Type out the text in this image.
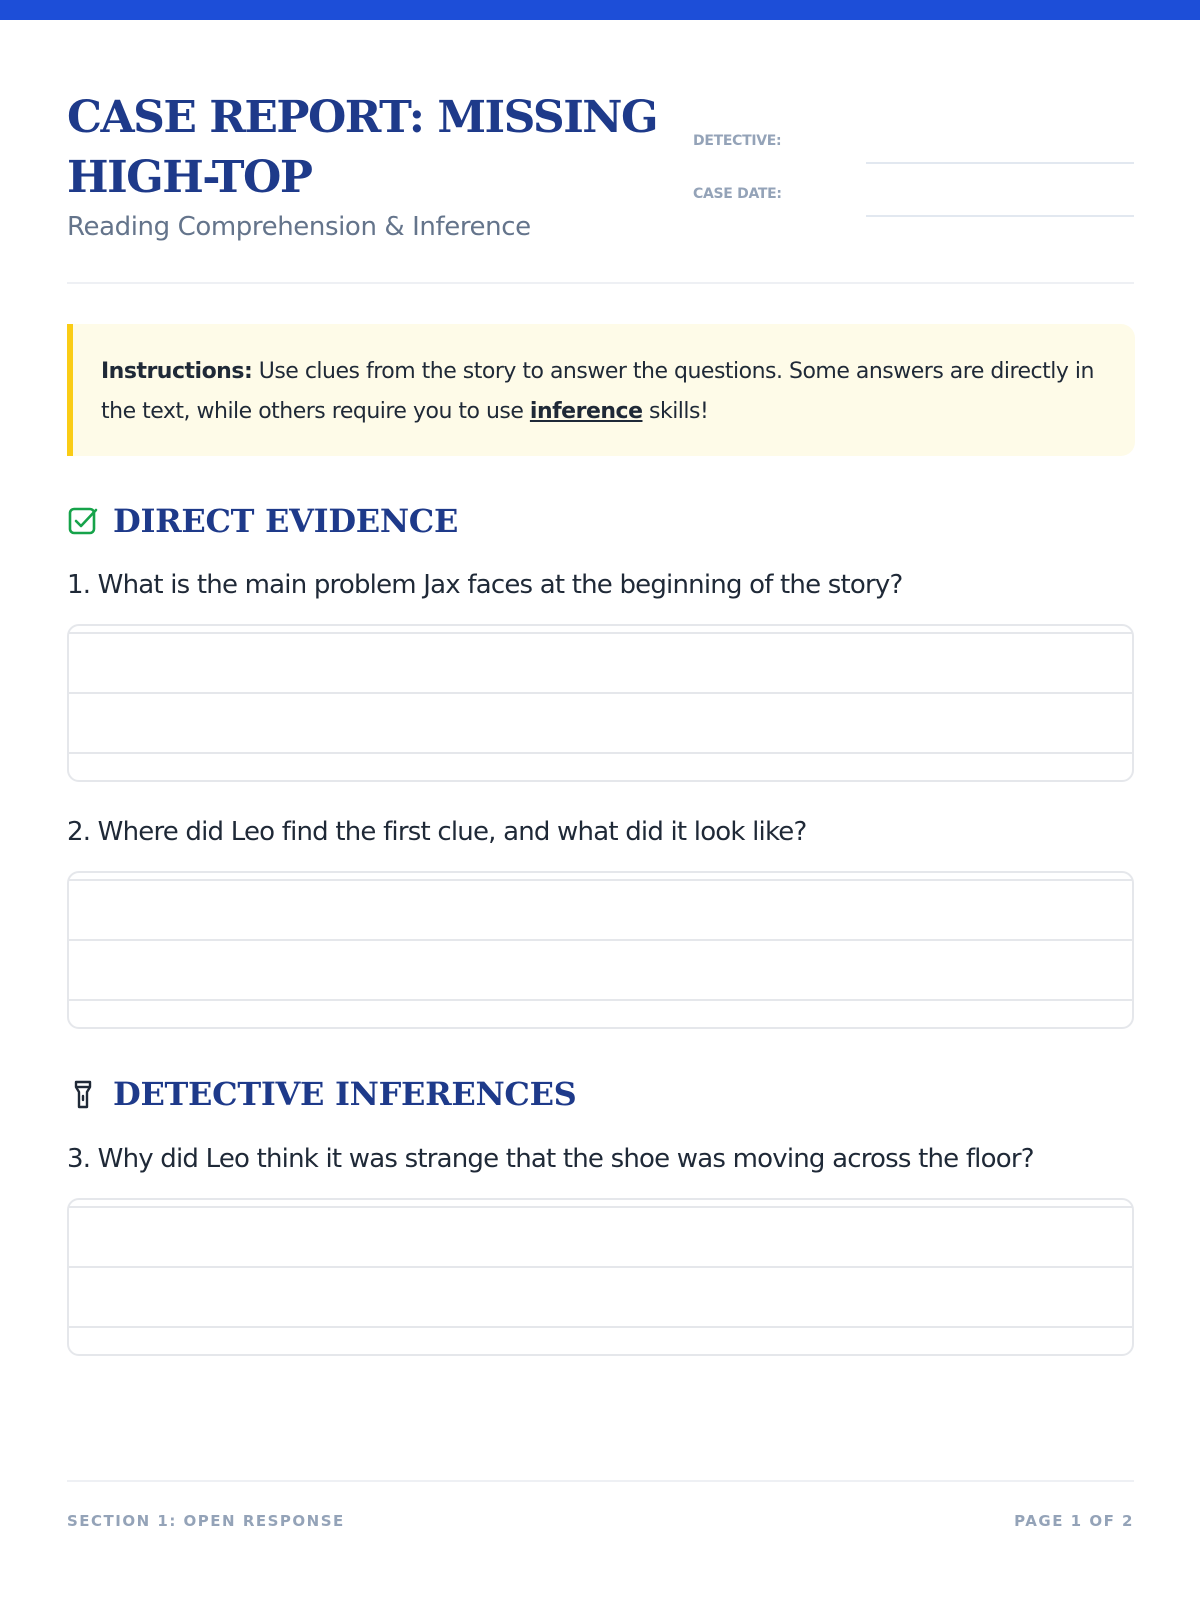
CASE REPORT: MISSING HIGH-TOP
Reading Comprehension & Inference
DETECTIVE:
CASE DATE:
Instructions: Use clues from the story to answer the questions. Some answers are directly in the text, while others require you to use inference skills!
DIRECT EVIDENCE
1. What is the main problem Jax faces at the beginning of the story?
2. Where did Leo find the first clue, and what did it look like?
DETECTIVE INFERENCES
3. Why did Leo think it was strange that the shoe was moving across the floor?
SECTION 1: OPEN RESPONSE	PAGE 1 OF 2
